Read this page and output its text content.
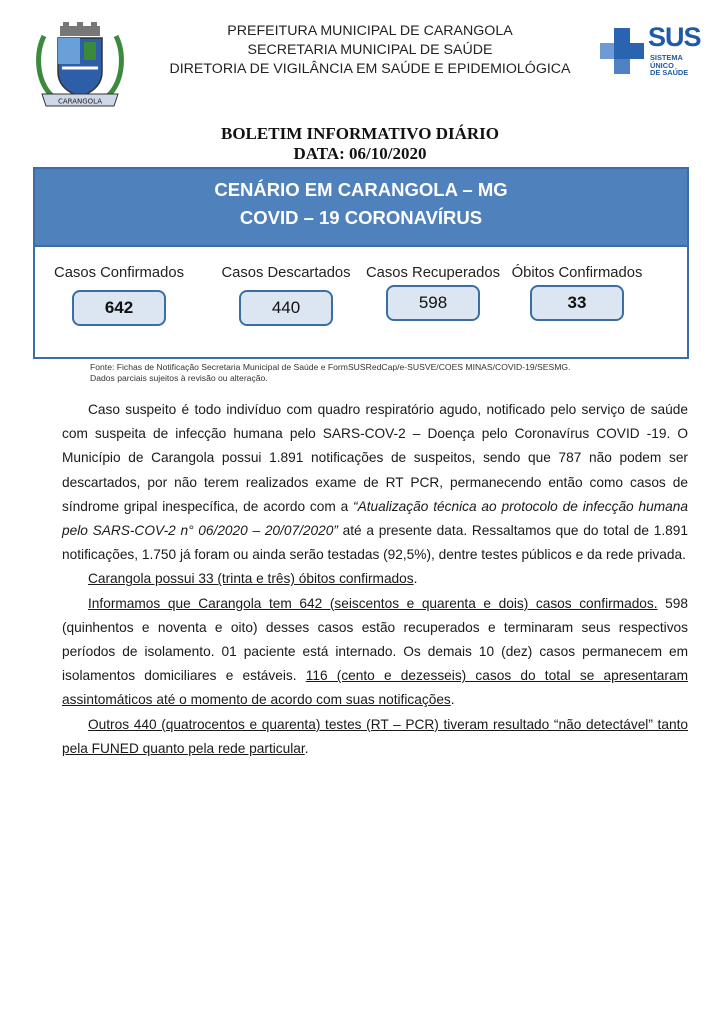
CARANGOLA
PREFEITURA MUNICIPAL DE CARANGOLA
SECRETARIA MUNICIPAL DE SAÚDE
DIRETORIA DE VIGILÂNCIA EM SAÚDE E EPIDEMIOLÓGICA
SUS
SISTEMA
ÚNICO
DE SAÚDE
BOLETIM INFORMATIVO DIÁRIO
DATA: 06/10/2020
CENÁRIO EM CARANGOLA – MG
COVID – 19 CORONAVÍRUS
Casos Confirmados
642
Casos Descartados
440
Casos Recuperados
598
Óbitos Confirmados
33
Fonte: Fichas de Notificação Secretaria Municipal de Saúde e FormSUSRedCap/e-SUSVE/COES MINAS/COVID-19/SESMG.
Dados parciais sujeitos à revisão ou alteração.

Caso suspeito é todo indivíduo com quadro respiratório agudo, notificado pelo serviço de saúde com suspeita de infecção humana pelo SARS-COV-2 – Doença pelo Coronavírus COVID -19. O Município de Carangola possui 1.891 notificações de suspeitos, sendo que 787 não podem ser descartados, por não terem realizados exame de RT PCR, permanecendo então como casos de síndrome gripal inespecífica, de acordo com a “Atualização técnica ao protocolo de infecção humana pelo SARS-COV-2 n° 06/2020 – 20/07/2020” até a presente data. Ressaltamos que do total de 1.891 notificações, 1.750 já foram ou ainda serão testadas (92,5%), dentre testes públicos e da rede privada.

Carangola possui 33 (trinta e três) óbitos confirmados.

Informamos que Carangola tem 642 (seiscentos e quarenta e dois) casos confirmados. 598 (quinhentos e noventa e oito) desses casos estão recuperados e terminaram seus respectivos períodos de isolamento. 01 paciente está internado. Os demais 10 (dez) casos permanecem em isolamentos domiciliares e estáveis. 116 (cento e dezesseis) casos do total se apresentaram assintomáticos até o momento de acordo com suas notificações.

Outros 440 (quatrocentos e quarenta) testes (RT – PCR) tiveram resultado “não detectável” tanto pela FUNED quanto pela rede particular.
